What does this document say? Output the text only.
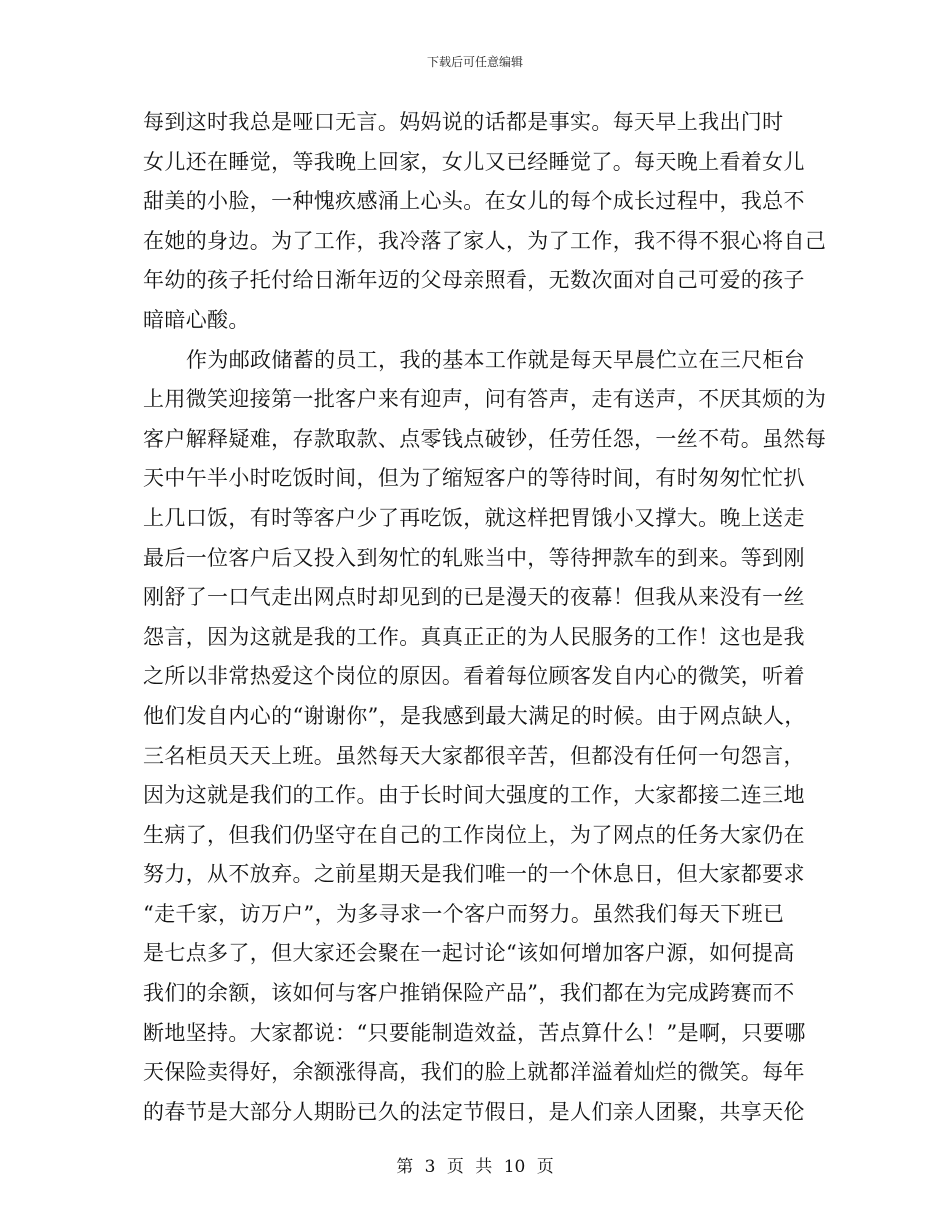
下载后可任意编辑
每到这时我总是哑口无言。妈妈说的话都是事实。每天早上我出门时
女儿还在睡觉，等我晚上回家，女儿又已经睡觉了。每天晚上看着女儿
甜美的小脸，一种愧疚感涌上心头。在女儿的每个成长过程中，我总不
在她的身边。为了工作，我冷落了家人，为了工作，我不得不狠心将自己
年幼的孩子托付给日渐年迈的父母亲照看，无数次面对自己可爱的孩子
暗暗心酸。
作为邮政储蓄的员工，我的基本工作就是每天早晨伫立在三尺柜台
上用微笑迎接第一批客户来有迎声，问有答声，走有送声，不厌其烦的为
客户解释疑难，存款取款、点零钱点破钞，任劳任怨，一丝不苟。虽然每
天中午半小时吃饭时间，但为了缩短客户的等待时间，有时匆匆忙忙扒
上几口饭，有时等客户少了再吃饭，就这样把胃饿小又撑大。晚上送走
最后一位客户后又投入到匆忙的轧账当中，等待押款车的到来。等到刚
刚舒了一口气走出网点时却见到的已是漫天的夜幕！但我从来没有一丝
怨言，因为这就是我的工作。真真正正的为人民服务的工作！这也是我
之所以非常热爱这个岗位的原因。看着每位顾客发自内心的微笑，听着
他们发自内心的“谢谢你”，是我感到最大满足的时候。由于网点缺人，
三名柜员天天上班。虽然每天大家都很辛苦，但都没有任何一句怨言，
因为这就是我们的工作。由于长时间大强度的工作，大家都接二连三地
生病了，但我们仍坚守在自己的工作岗位上，为了网点的任务大家仍在
努力，从不放弃。之前星期天是我们唯一的一个休息日，但大家都要求
“走千家，访万户”，为多寻求一个客户而努力。虽然我们每天下班已
是七点多了，但大家还会聚在一起讨论“该如何增加客户源，如何提高
我们的余额，该如何与客户推销保险产品”，我们都在为完成跨赛而不
断地坚持。大家都说：“只要能制造效益，苦点算什么！”是啊，只要哪
天保险卖得好，余额涨得高，我们的脸上就都洋溢着灿烂的微笑。每年
的春节是大部分人期盼已久的法定节假日，是人们亲人团聚，共享天伦
第 3 页 共 10 页
